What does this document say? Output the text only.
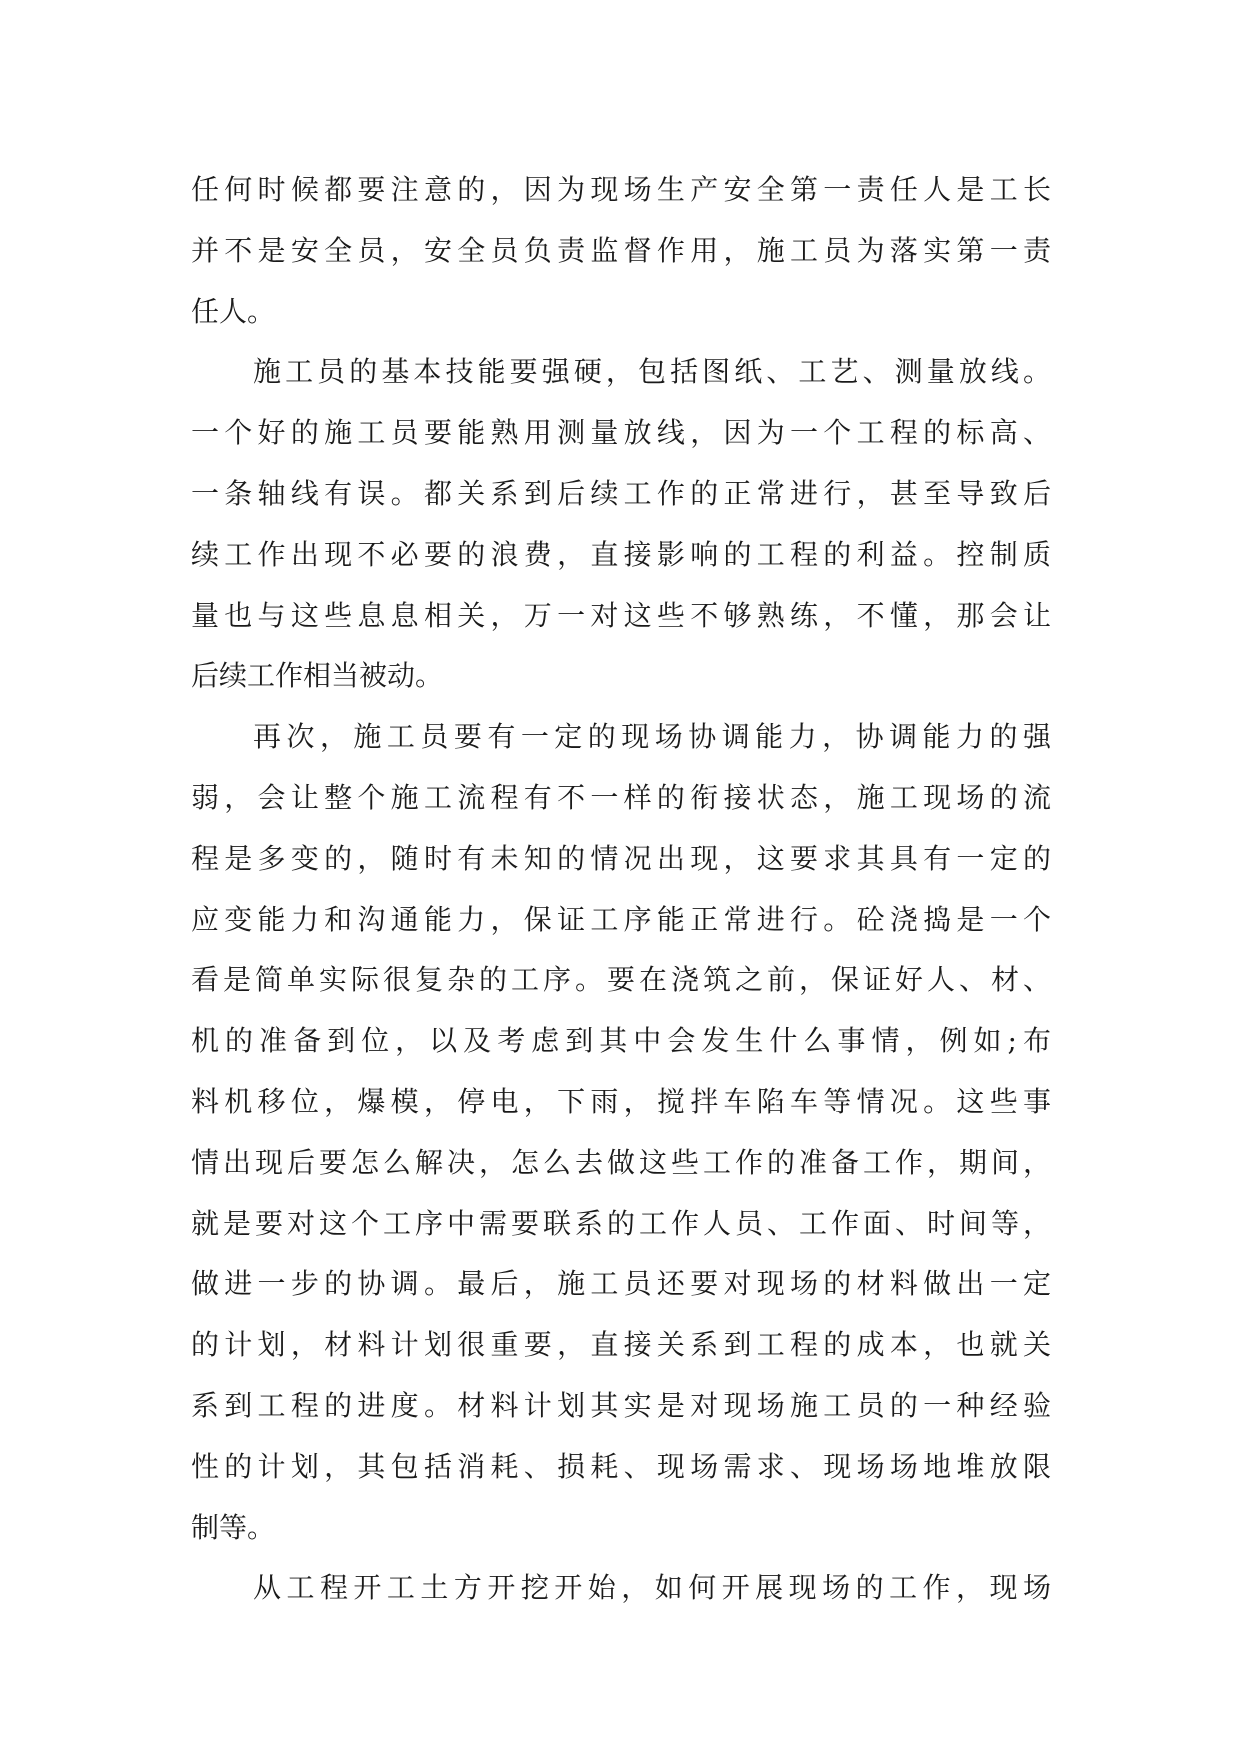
任何时候都要注意的，因为现场生产安全第一责任人是工长
并不是安全员，安全员负责监督作用，施工员为落实第一责
任人。
施工员的基本技能要强硬，包括图纸、工艺、测量放线。
一个好的施工员要能熟用测量放线，因为一个工程的标高、
一条轴线有误。都关系到后续工作的正常进行，甚至导致后
续工作出现不必要的浪费，直接影响的工程的利益。控制质
量也与这些息息相关，万一对这些不够熟练，不懂，那会让
后续工作相当被动。
再次，施工员要有一定的现场协调能力，协调能力的强
弱，会让整个施工流程有不一样的衔接状态，施工现场的流
程是多变的，随时有未知的情况出现，这要求其具有一定的
应变能力和沟通能力，保证工序能正常进行。砼浇捣是一个
看是简单实际很复杂的工序。要在浇筑之前，保证好人、材、
机的准备到位，以及考虑到其中会发生什么事情，例如;布
料机移位，爆模，停电，下雨，搅拌车陷车等情况。这些事
情出现后要怎么解决，怎么去做这些工作的准备工作，期间，
就是要对这个工序中需要联系的工作人员、工作面、时间等，
做进一步的协调。最后，施工员还要对现场的材料做出一定
的计划，材料计划很重要，直接关系到工程的成本，也就关
系到工程的进度。材料计划其实是对现场施工员的一种经验
性的计划，其包括消耗、损耗、现场需求、现场场地堆放限
制等。
从工程开工土方开挖开始，如何开展现场的工作，现场
